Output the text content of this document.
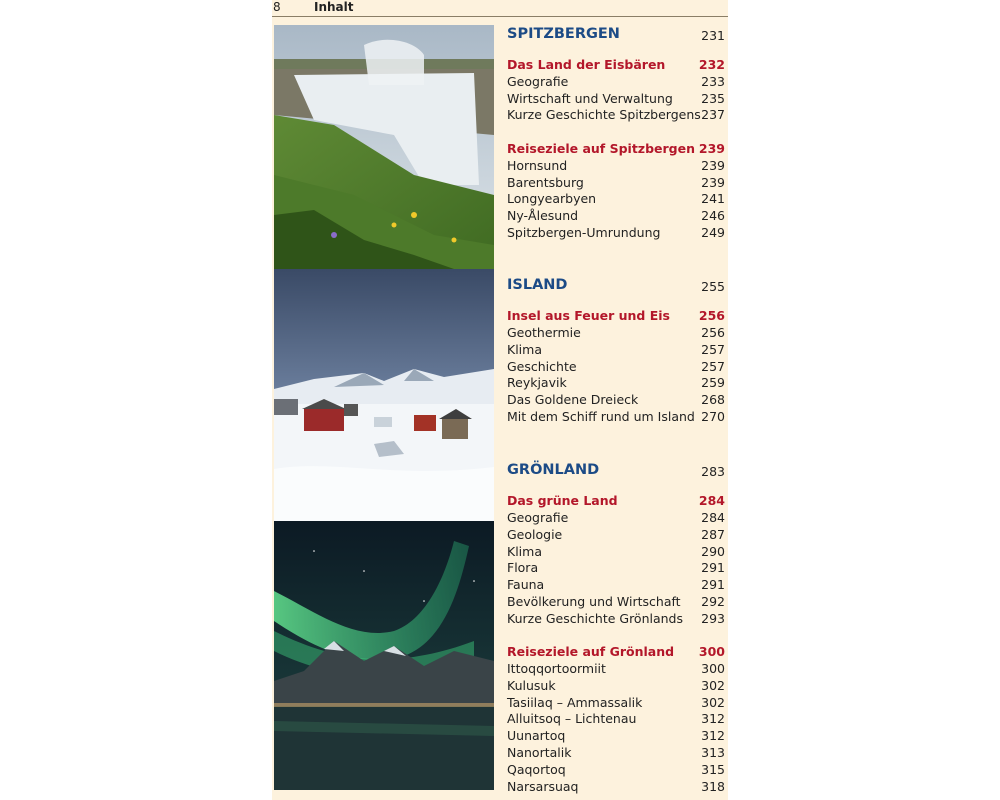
8	Inhalt
SPITZBERGEN	231
Das Land der Eisbären	232
Geografie	233
Wirtschaft und Verwaltung 235
Kurze Geschichte Spitzbergens 237
Reiseziele auf Spitzbergen 239
Hornsund	239
Barentsburg	239
Longyearbyen	241
Ny-Ålesund	246
Spitzbergen-Umrundung	249
ISLAND	255
Insel aus Feuer und Eis 256
Geothermie	256
Klima	257
Geschichte	257
Reykjavik	259
Das Goldene Dreieck	268
Mit dem Schiff rund um Island 270
GRÖNLAND	283
Das grüne Land	284
Geografie	284
Geologie	287
Klima	290
Flora	291
Fauna	291
Bevölkerung und Wirtschaft 292
Kurze Geschichte Grönlands 293
Reiseziele auf Grönland 300
Ittoqqortoormiit	300
Kulusuk	302
Tasiilaq – Ammassalik	302
Alluitsoq – Lichtenau	312
Uunartoq	312
Nanortalik	313
Qaqortoq	315
Narsarsuaq	318
